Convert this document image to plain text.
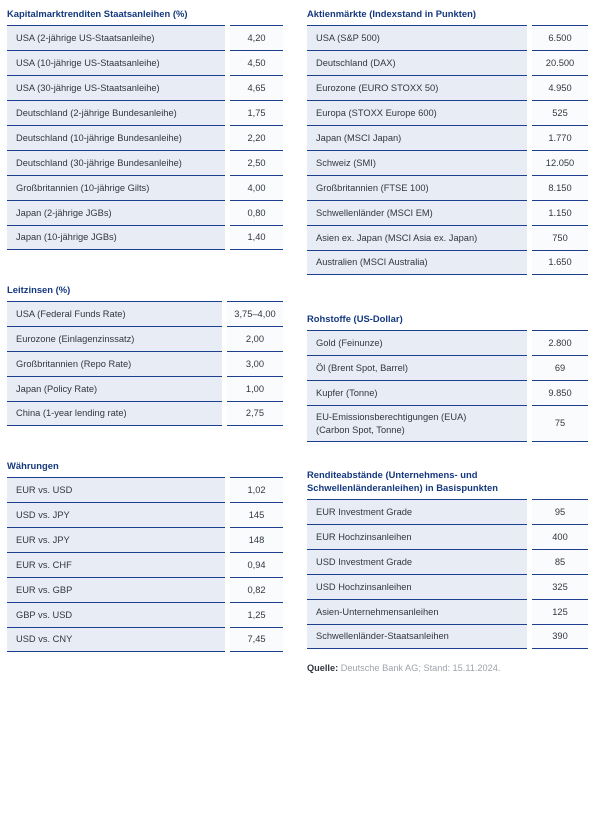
Kapitalmarktrenditen Staatsanleihen (%)
USA (2-jährige US-Staatsanleihe)	4,20

USA (10-jährige US-Staatsanleihe)	4,50

USA (30-jährige US-Staatsanleihe)	4,65

Deutschland (2-jährige Bundesanleihe)	1,75

Deutschland (10-jährige Bundesanleihe)	2,20

Deutschland (30-jährige Bundesanleihe)	2,50

Großbritannien (10-jährige Gilts)	4,00

Japan (2-jährige JGBs)	0,80

Japan (10-jährige JGBs)	1,40
Leitzinsen (%)
USA (Federal Funds Rate)	3,75–4,00

Eurozone (Einlagenzinssatz)	2,00

Großbritannien (Repo Rate)	3,00

Japan (Policy Rate)	1,00

China (1-year lending rate)	2,75
Währungen
EUR vs. USD	1,02

USD vs. JPY	145

EUR vs. JPY	148

EUR vs. CHF	0,94

EUR vs. GBP	0,82

GBP vs. USD	1,25

USD vs. CNY	7,45
Aktienmärkte (Indexstand in Punkten)
USA (S&P 500)	6.500

Deutschland (DAX)	20.500

Eurozone (EURO STOXX 50)	4.950

Europa (STOXX Europe 600)	525

Japan (MSCI Japan)	1.770

Schweiz (SMI)	12.050

Großbritannien (FTSE 100)	8.150

Schwellenländer (MSCI EM)	1.150

Asien ex. Japan (MSCI Asia ex. Japan)	750

Australien (MSCI Australia)	1.650
Rohstoffe (US-Dollar)
Gold (Feinunze)	2.800

Öl (Brent Spot, Barrel)	69

Kupfer (Tonne)	9.850

EU-Emissionsberechtigungen (EUA)
(Carbon Spot, Tonne)	75
Renditeabstände (Unternehmens- und
Schwellenländeranleihen) in Basispunkten
EUR Investment Grade	95

EUR Hochzinsanleihen	400

USD Investment Grade	85

USD Hochzinsanleihen	325

Asien-Unternehmensanleihen	125

Schwellenländer-Staatsanleihen	390
Quelle: Deutsche Bank AG; Stand: 15.11.2024.
